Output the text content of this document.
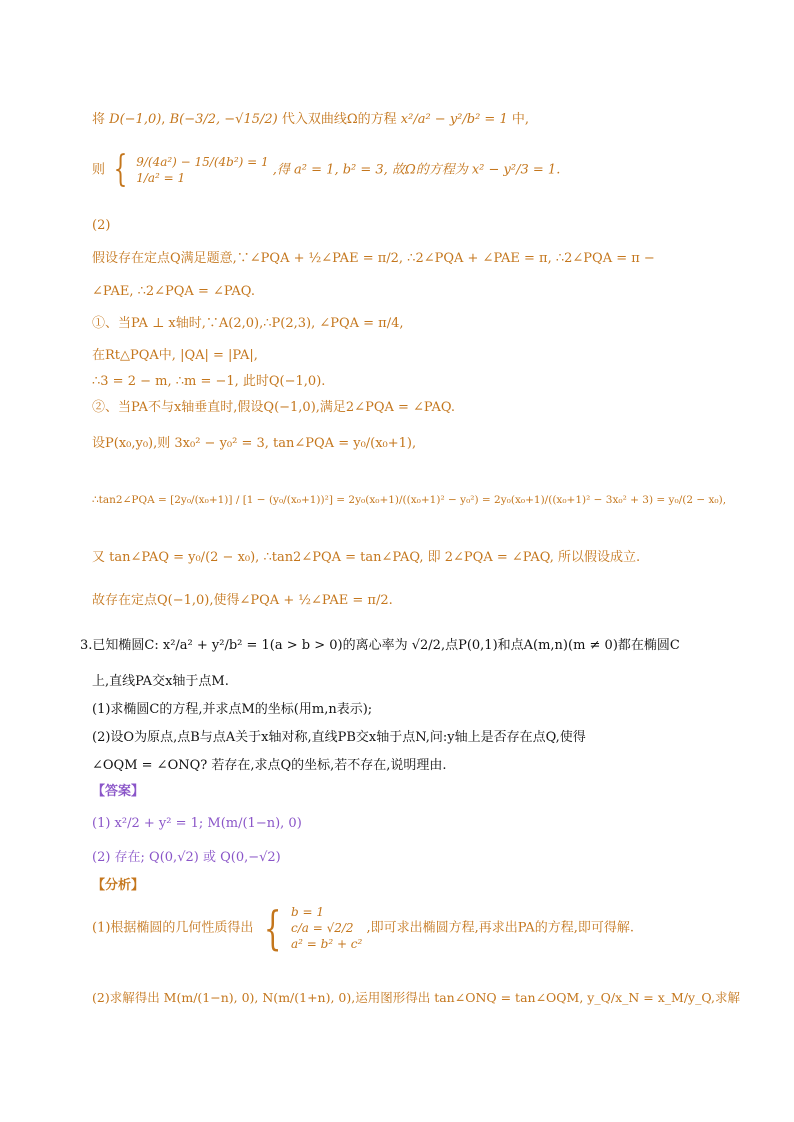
将 D(−1,0), B(−3/2, −√15/2) 代入双曲线Ω的方程 x²/a² − y²/b² = 1 中,
则 { 9/(4a²) − 15/(4b²) = 1
1/a² = 1
,得 a² = 1, b² = 3, 故Ω的方程为 x² − y²/3 = 1.
(2)
假设存在定点Q满足题意,∵∠PQA + ½∠PAE = π/2, ∴2∠PQA + ∠PAE = π, ∴2∠PQA = π −
∠PAE, ∴2∠PQA = ∠PAQ.
①、当PA ⊥ x轴时,∵A(2,0),∴P(2,3), ∠PQA = π/4,
在Rt△PQA中, |QA| = |PA|,
∴3 = 2 − m, ∴m = −1, 此时Q(−1,0).
②、当PA不与x轴垂直时,假设Q(−1,0),满足2∠PQA = ∠PAQ.
设P(x₀,y₀),则 3x₀² − y₀² = 3, tan∠PQA = y₀/(x₀+1),
∴tan2∠PQA = [2y₀/(x₀+1)] / [1 − (y₀/(x₀+1))²] = 2y₀(x₀+1)/((x₀+1)² − y₀²) = 2y₀(x₀+1)/((x₀+1)² − 3x₀² + 3) = y₀/(2 − x₀),
又 tan∠PAQ = y₀/(2 − x₀), ∴tan2∠PQA = tan∠PAQ, 即 2∠PQA = ∠PAQ, 所以假设成立.
故存在定点Q(−1,0),使得∠PQA + ½∠PAE = π/2.
3.已知椭圆C: x²/a² + y²/b² = 1(a > b > 0)的离心率为 √2/2,点P(0,1)和点A(m,n)(m ≠ 0)都在椭圆C
上,直线PA交x轴于点M.
(1)求椭圆C的方程,并求点M的坐标(用m,n表示);
(2)设O为原点,点B与点A关于x轴对称,直线PB交x轴于点N,问:y轴上是否存在点Q,使得
∠OQM = ∠ONQ? 若存在,求点Q的坐标,若不存在,说明理由.
【答案】
(1) x²/2 + y² = 1; M(m/(1−n), 0)
(2) 存在; Q(0,√2) 或 Q(0,−√2)
【分析】
(1)根据椭圆的几何性质得出 { b = 1
c/a = √2/2
a² = b² + c²
,即可求出椭圆方程,再求出PA的方程,即可得解.
(2)求解得出 M(m/(1−n), 0), N(m/(1+n), 0),运用图形得出 tan∠ONQ = tan∠OQM, y_Q/x_N = x_M/y_Q,求解
